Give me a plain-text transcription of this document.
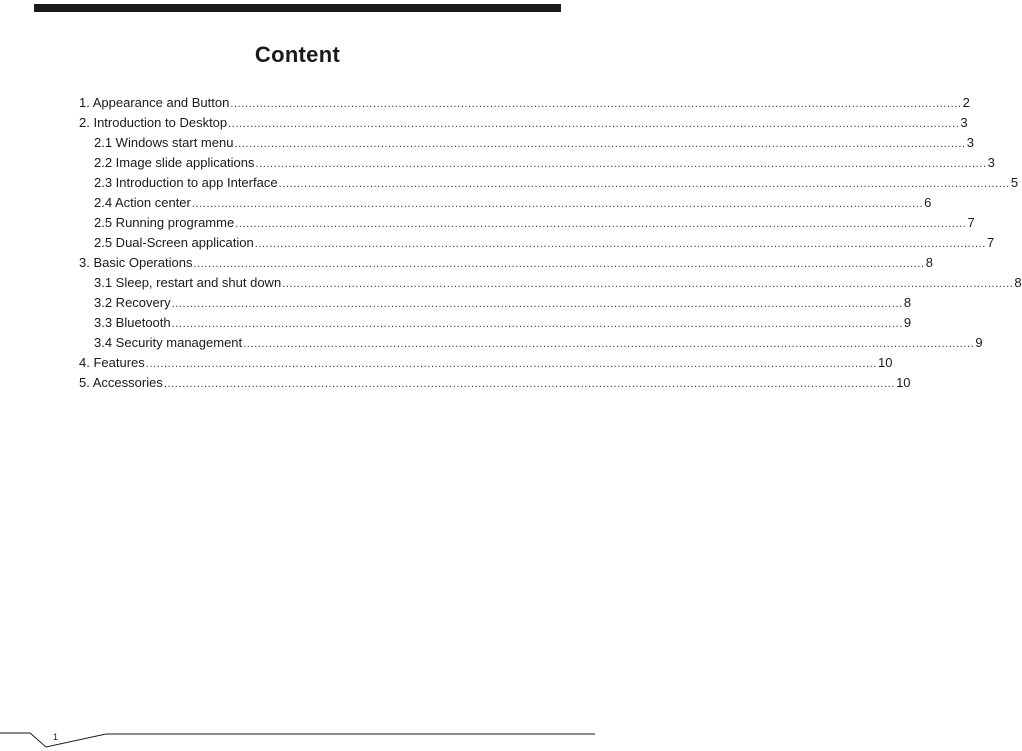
Content
1. Appearance and Button ........................................................................................................................................................................................................ 2
2. Introduction to Desktop ........................................................................................................................................................................................................ 3
2.1 Windows start menu ........................................................................................................................................................................................................ 3
2.2 Image slide applications ........................................................................................................................................................................................................ 3
2.3 Introduction to app Interface ........................................................................................................................................................................................................ 5
2.4 Action center ........................................................................................................................................................................................................ 6
2.5 Running programme ........................................................................................................................................................................................................ 7
2.5 Dual-Screen application ........................................................................................................................................................................................................ 7
3. Basic Operations ........................................................................................................................................................................................................ 8
3.1 Sleep, restart and shut down ........................................................................................................................................................................................................ 8
3.2 Recovery ........................................................................................................................................................................................................ 8
3.3 Bluetooth ........................................................................................................................................................................................................ 9
3.4 Security management ........................................................................................................................................................................................................ 9
4. Features ........................................................................................................................................................................................................ 10
5. Accessories ........................................................................................................................................................................................................ 10
1
